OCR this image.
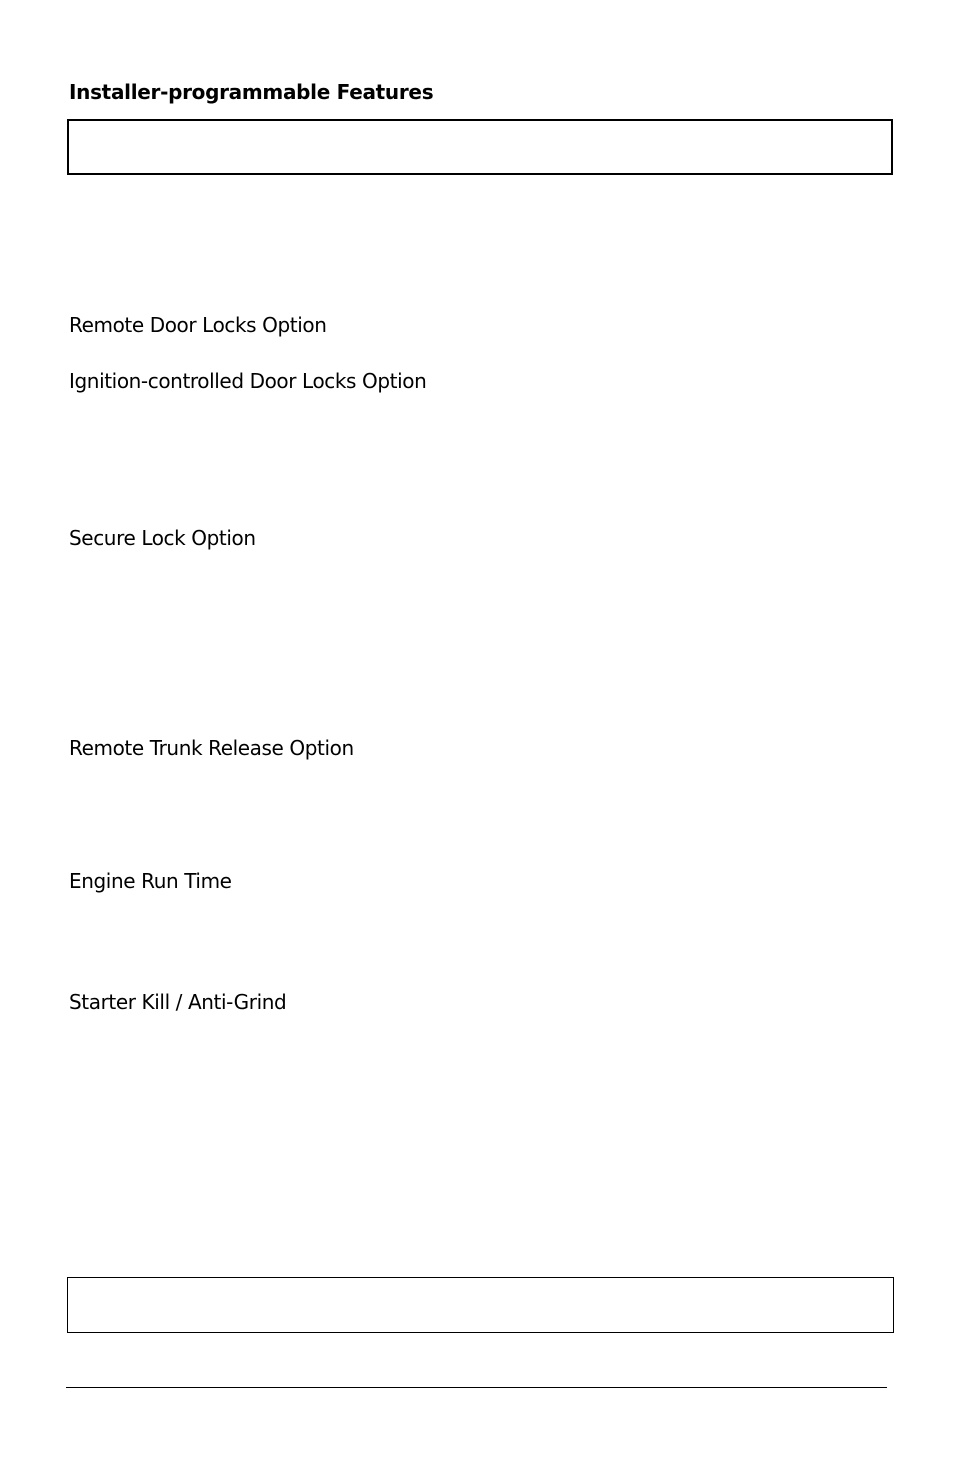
Installer-programmable Features
Remote Door Locks Option
Ignition-controlled Door Locks Option
Secure Lock Option
Remote Trunk Release Option
Engine Run Time
Starter Kill / Anti-Grind
